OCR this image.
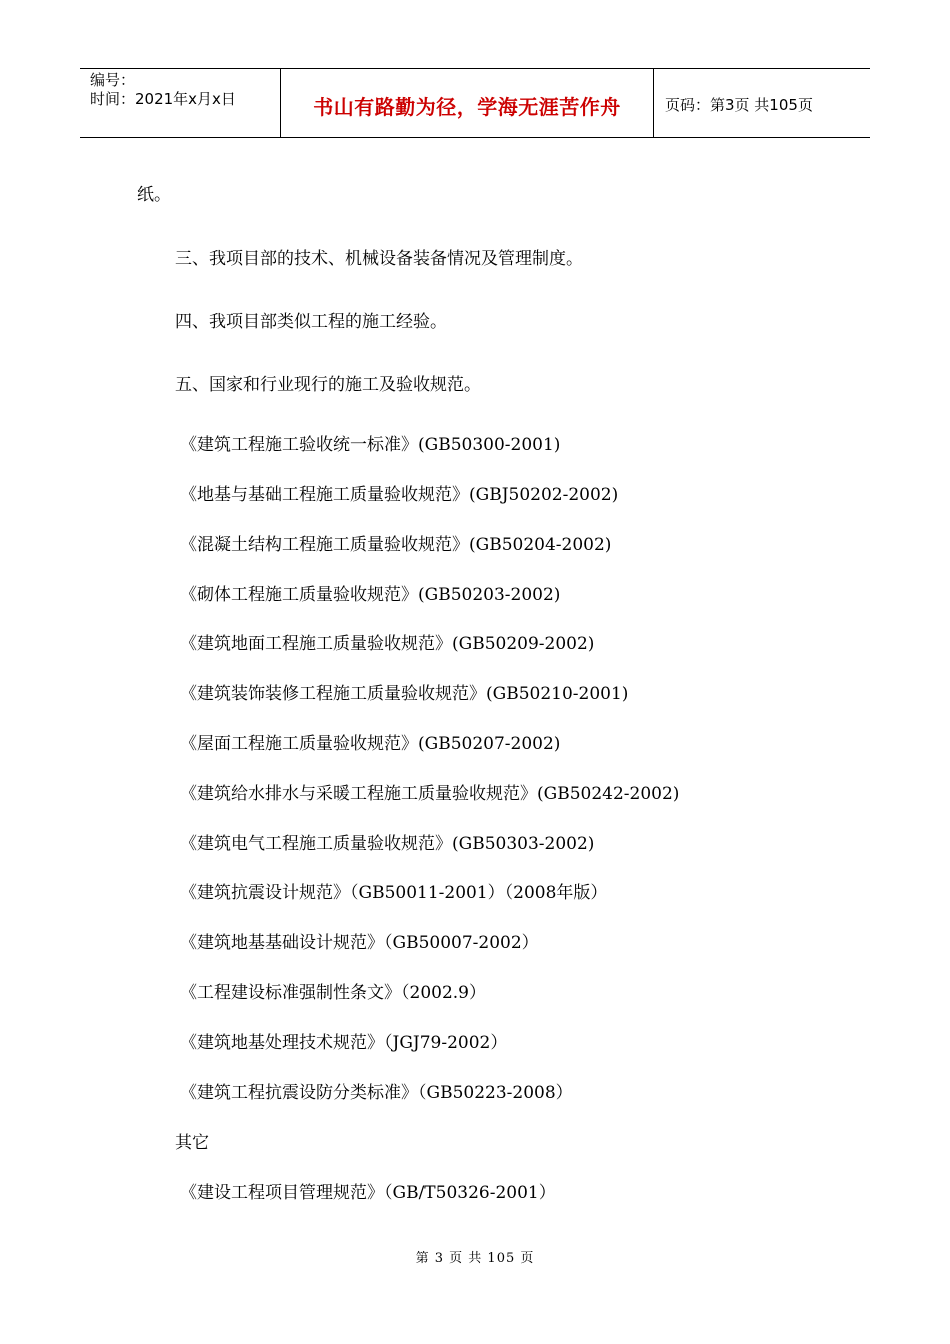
编号：
时间：2021年x月x日	书山有路勤为径，学海无涯苦作舟	页码：第3页 共105页
纸。
三、我项目部的技术、机械设备装备情况及管理制度。
四、我项目部类似工程的施工经验。
五、国家和行业现行的施工及验收规范。
《建筑工程施工验收统一标准》(GB50300-2001)
《地基与基础工程施工质量验收规范》(GBJ50202-2002)
《混凝土结构工程施工质量验收规范》(GB50204-2002)
《砌体工程施工质量验收规范》(GB50203-2002)
《建筑地面工程施工质量验收规范》(GB50209-2002)
《建筑装饰装修工程施工质量验收规范》(GB50210-2001)
《屋面工程施工质量验收规范》(GB50207-2002)
《建筑给水排水与采暖工程施工质量验收规范》(GB50242-2002)
《建筑电气工程施工质量验收规范》(GB50303-2002)
《建筑抗震设计规范》（GB50011-2001）（2008年版）
《建筑地基基础设计规范》（GB50007-2002）
《工程建设标准强制性条文》（2002.9）
《建筑地基处理技术规范》（JGJ79-2002）
《建筑工程抗震设防分类标准》（GB50223-2008）
其它
《建设工程项目管理规范》（GB/T50326-2001）
第 3 页 共 105 页
